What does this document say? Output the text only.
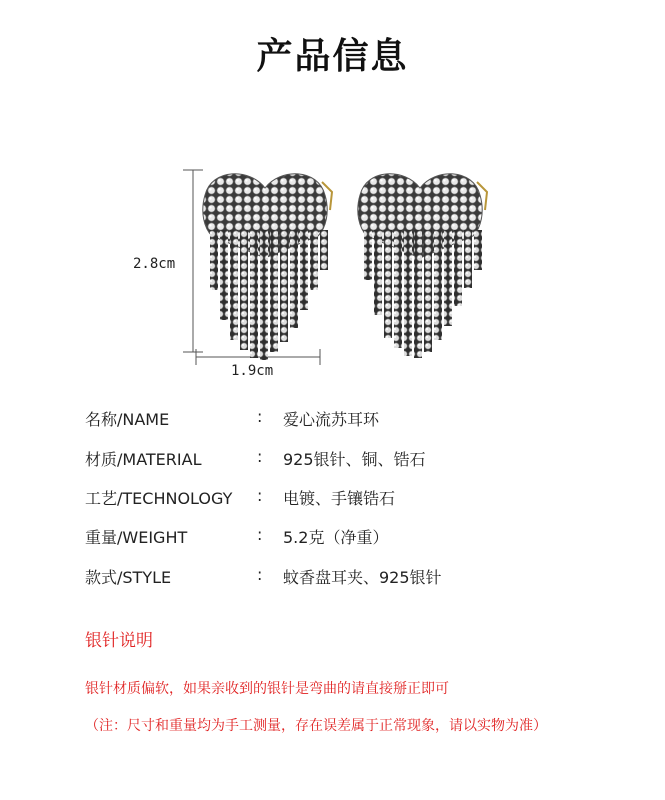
产品信息
2.8cm
1.9cm
名称/NAME	: 爱心流苏耳环
材质/MATERIAL	: 925银针、铜、锆石
工艺/TECHNOLOGY : 电镀、手镶锆石
重量/WEIGHT	: 5.2克（净重）
款式/STYLE	: 蚊香盘耳夹、925银针
银针说明
银针材质偏软，如果亲收到的银针是弯曲的请直接掰正即可
（注：尺寸和重量均为手工测量，存在误差属于正常现象，请以实物为准）
